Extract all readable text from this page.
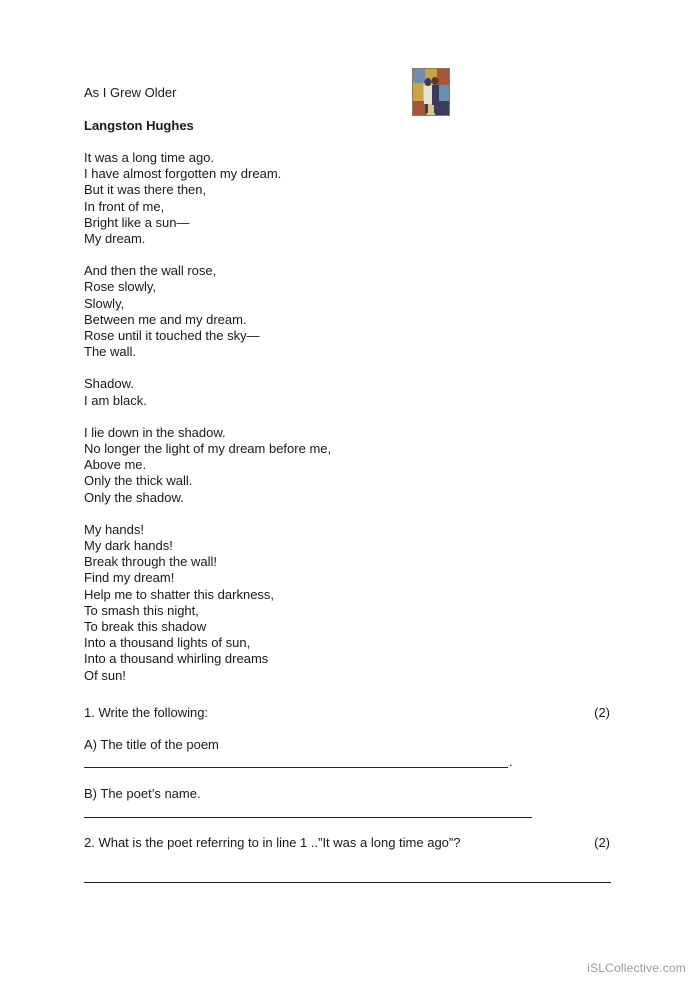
As I Grew Older
Langston Hughes
It was a long time ago.
I have almost forgotten my dream.
But it was there then,
In front of me,
Bright like a sun—
My dream.
And then the wall rose,
Rose slowly,
Slowly,
Between me and my dream.
Rose until it touched the sky—
The wall.
Shadow.
I am black.
I lie down in the shadow.
No longer the light of my dream before me,
Above me.
Only the thick wall.
Only the shadow.
My hands!
My dark hands!
Break through the wall!
Find my dream!
Help me to shatter this darkness,
To smash this night,
To break this shadow
Into a thousand lights of sun,
Into a thousand whirling dreams
Of sun!
1. Write the following:	(2)
A) The title of the poem
.
B) The poet’s name.
2. What is the poet referring to in line 1 ..”It was a long time ago”?	(2)
iSLCollective.com
